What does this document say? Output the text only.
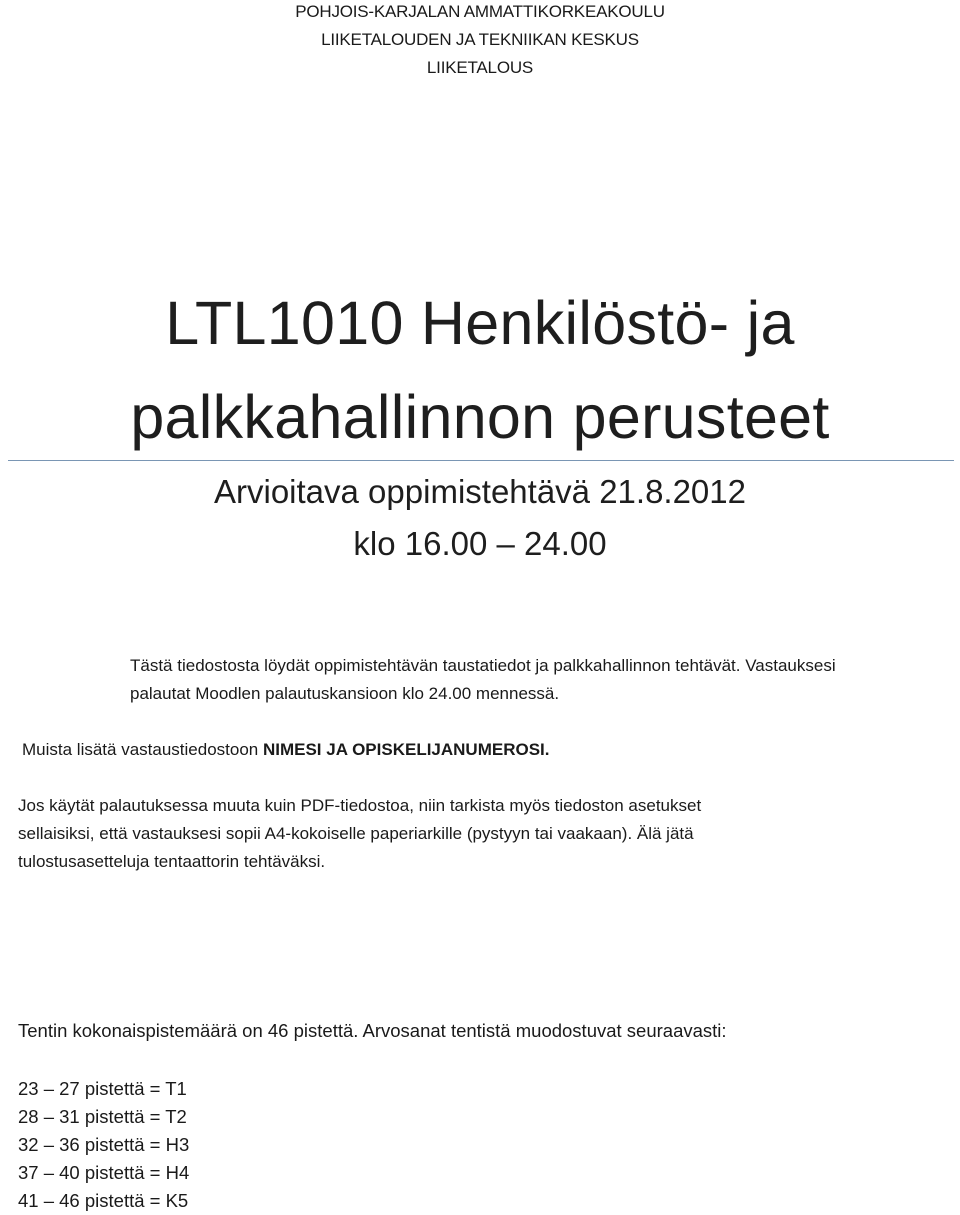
POHJOIS-KARJALAN AMMATTIKORKEAKOULU
LIIKETALOUDEN JA TEKNIIKAN KESKUS
LIIKETALOUS
LTL1010 Henkilöstö- ja
palkkahallinnon perusteet
Arvioitava oppimistehtävä 21.8.2012
klo 16.00 – 24.00
Tästä tiedostosta löydät oppimistehtävän taustatiedot ja palkkahallinnon tehtävät. Vastauksesi
palautat Moodlen palautuskansioon klo 24.00 mennessä.
Muista lisätä vastaustiedostoon NIMESI JA OPISKELIJANUMEROSI.
Jos käytät palautuksessa muuta kuin PDF-tiedostoa, niin tarkista myös tiedoston asetukset
sellaisiksi, että vastauksesi sopii A4-kokoiselle paperiarkille (pystyyn tai vaakaan). Älä jätä
tulostusasetteluja tentaattorin tehtäväksi.
Tentin kokonaispistemäärä on 46 pistettä. Arvosanat tentistä muodostuvat seuraavasti:
23 – 27 pistettä = T1
28 – 31 pistettä = T2
32 – 36 pistettä = H3
37 – 40 pistettä = H4
41 – 46 pistettä = K5
